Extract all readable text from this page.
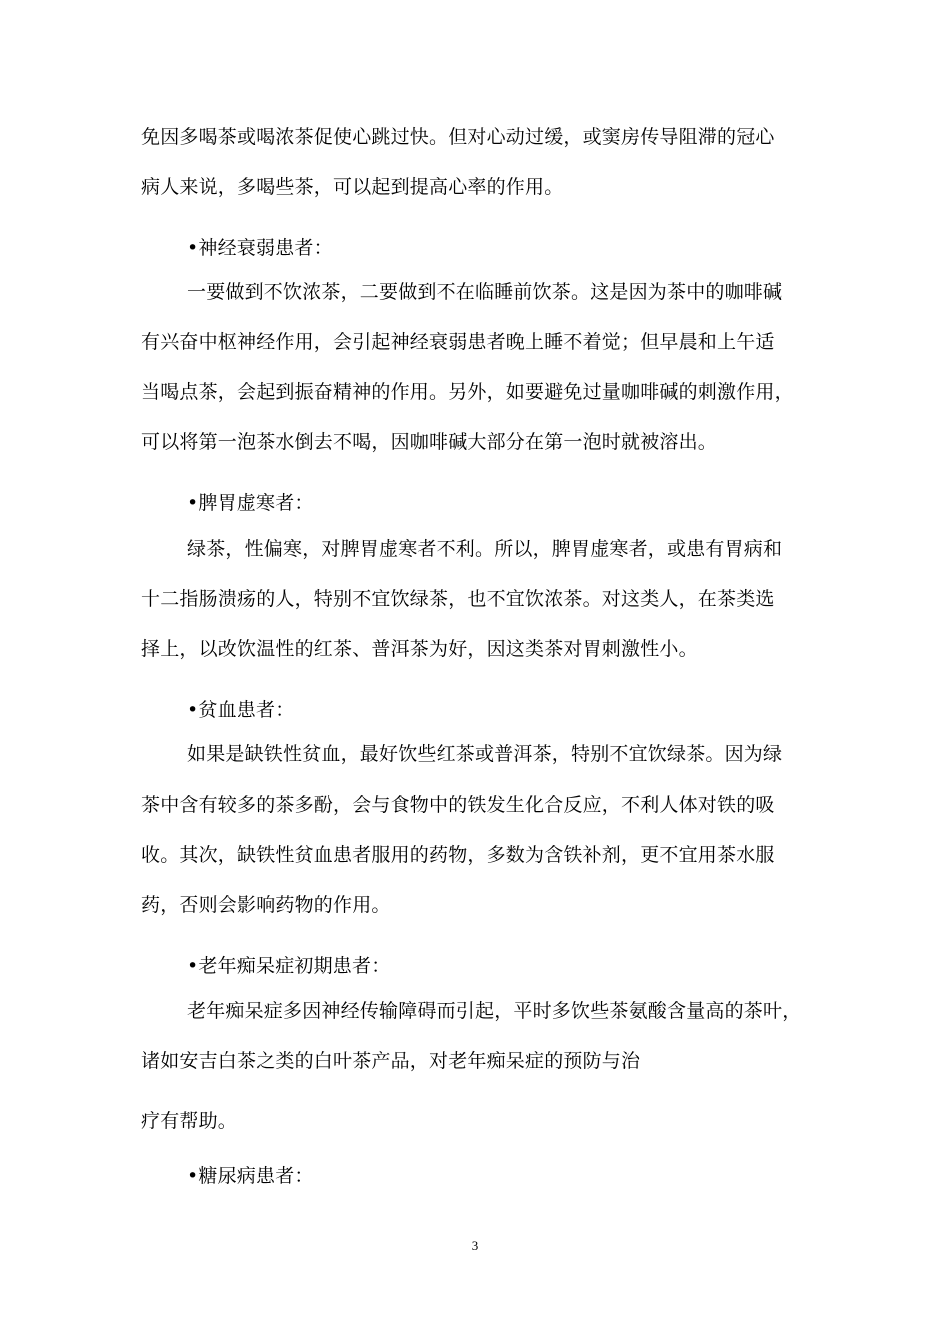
免因多喝茶或喝浓茶促使心跳过快。但对心动过缓，或窦房传导阻滞的冠心
病人来说，多喝些茶，可以起到提高心率的作用。
•神经衰弱患者：
一要做到不饮浓茶，二要做到不在临睡前饮茶。这是因为茶中的咖啡碱
有兴奋中枢神经作用，会引起神经衰弱患者晚上睡不着觉；但早晨和上午适
当喝点茶，会起到振奋精神的作用。另外，如要避免过量咖啡碱的刺激作用，
可以将第一泡茶水倒去不喝，因咖啡碱大部分在第一泡时就被溶出。
•脾胃虚寒者：
绿茶，性偏寒，对脾胃虚寒者不利。所以，脾胃虚寒者，或患有胃病和
十二指肠溃疡的人，特别不宜饮绿茶，也不宜饮浓茶。对这类人，在茶类选
择上，以改饮温性的红茶、普洱茶为好，因这类茶对胃刺激性小。
•贫血患者：
如果是缺铁性贫血，最好饮些红茶或普洱茶，特别不宜饮绿茶。因为绿
茶中含有较多的茶多酚，会与食物中的铁发生化合反应，不利人体对铁的吸
收。其次，缺铁性贫血患者服用的药物，多数为含铁补剂，更不宜用茶水服
药，否则会影响药物的作用。
•老年痴呆症初期患者：
老年痴呆症多因神经传输障碍而引起，平时多饮些茶氨酸含量高的茶叶，
诸如安吉白茶之类的白叶茶产品，对老年痴呆症的预防与治
疗有帮助。
•糖尿病患者：
3
